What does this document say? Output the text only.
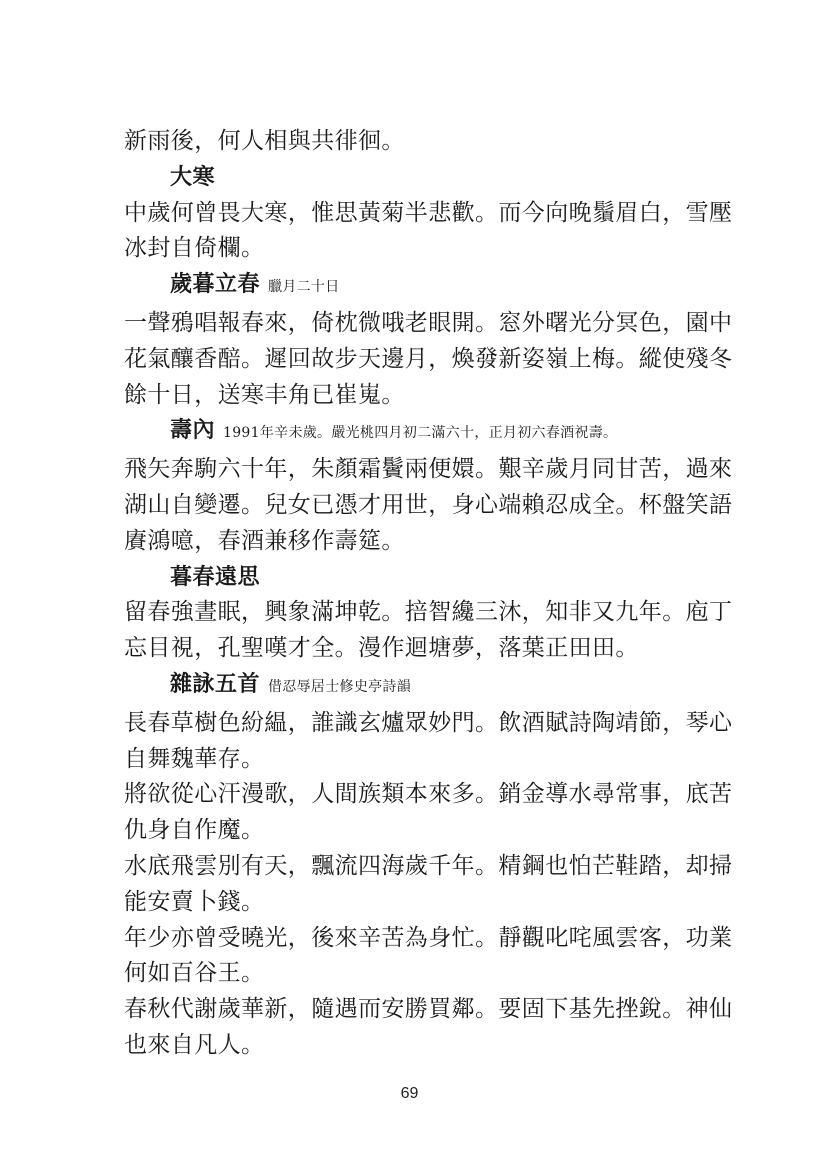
新雨後，何人相與共徘徊。
大寒
中歲何曾畏大寒，惟思黃菊半悲歡。而今向晚鬚眉白，雪壓
冰封自倚欄。
歲暮立春 臘月二十日
一聲鴉唱報春來，倚枕微哦老眼開。窓外曙光分冥色，園中
花氣釀香醅。遲回故步天邊月，煥發新姿嶺上梅。縱使殘冬
餘十日，送寒丰角已崔嵬。
壽內 1991年辛未歲。嚴光桃四月初二滿六十，正月初六春酒祝壽。
飛矢奔駒六十年，朱顏霜鬢兩便嬛。艱辛歲月同甘苦，過來
湖山自變遷。兒女已憑才用世，身心端賴忍成全。杯盤笑語
賡鴻噫，春酒兼移作壽筵。
暮春遠思
留春強晝眠，興象滿坤乾。掊智纔三沐，知非又九年。庖丁
忘目視，孔聖嘆才全。漫作迴塘夢，落葉正田田。
雜詠五首 借忍辱居士修史亭詩韻
長春草樹色紛緼，誰識玄爐眾妙門。飲酒賦詩陶靖節，琴心
自舞魏華存。
將欲從心汗漫歌，人間族類本來多。銷金導水尋常事，底苦
仇身自作魔。
水底飛雲別有天，飄流四海歲千年。精鋼也怕芒鞋踏，却掃
能安賣卜錢。
年少亦曾受曉光，後來辛苦為身忙。靜觀叱咤風雲客，功業
何如百谷王。
春秋代謝歲華新，隨遇而安勝買鄰。要固下基先挫銳。神仙
也來自凡人。
69
